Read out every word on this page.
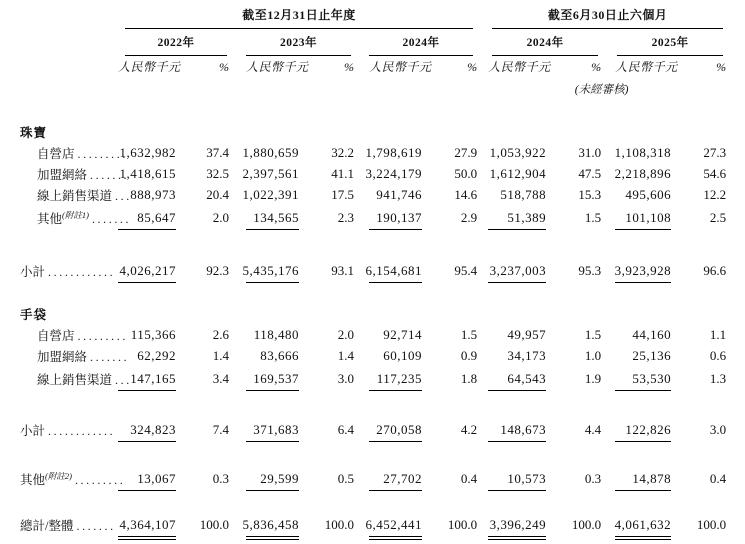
	截至12月31日止年度						截至6月30日止六個月			

	2022年		2023年		2024年		2024年		2025年	

	人民幣千元	%	人民幣千元	%	人民幣千元	%	人民幣千元	%	人民幣千元	%
							(未經審核)			

珠寶										
自營店 .........	1,632,982	37.4	1,880,659	32.2	1,798,619	27.9	1,053,922	31.0	1,108,318	27.3
加盟網絡 .......	1,418,615	32.5	2,397,561	41.1	3,224,179	50.0	1,612,904	47.5	2,218,896	54.6
線上銷售渠道 ...	888,973	20.4	1,022,391	17.5	941,746	14.6	518,788	15.3	495,606	12.2
其他$^{(附註1)}$ .......	85,647	2.0	134,565	2.3	190,137	2.9	51,389	1.5	101,108	2.5

小計 ............	4,026,217	92.3	5,435,176	93.1	6,154,681	95.4	3,237,003	95.3	3,923,928	96.6

手袋										
自營店 .........	115,366	2.6	118,480	2.0	92,714	1.5	49,957	1.5	44,160	1.1
加盟網絡 .......	62,292	1.4	83,666	1.4	60,109	0.9	34,173	1.0	25,136	0.6
線上銷售渠道 ...	147,165	3.4	169,537	3.0	117,235	1.8	64,543	1.9	53,530	1.3

小計 ............	324,823	7.4	371,683	6.4	270,058	4.2	148,673	4.4	122,826	3.0

其他$^{(附註2)}$ .........	13,067	0.3	29,599	0.5	27,702	0.4	10,573	0.3	14,878	0.4

總計/整體 .......	4,364,107	100.0	5,836,458	100.0	6,452,441	100.0	3,396,249	100.0	4,061,632	100.0
